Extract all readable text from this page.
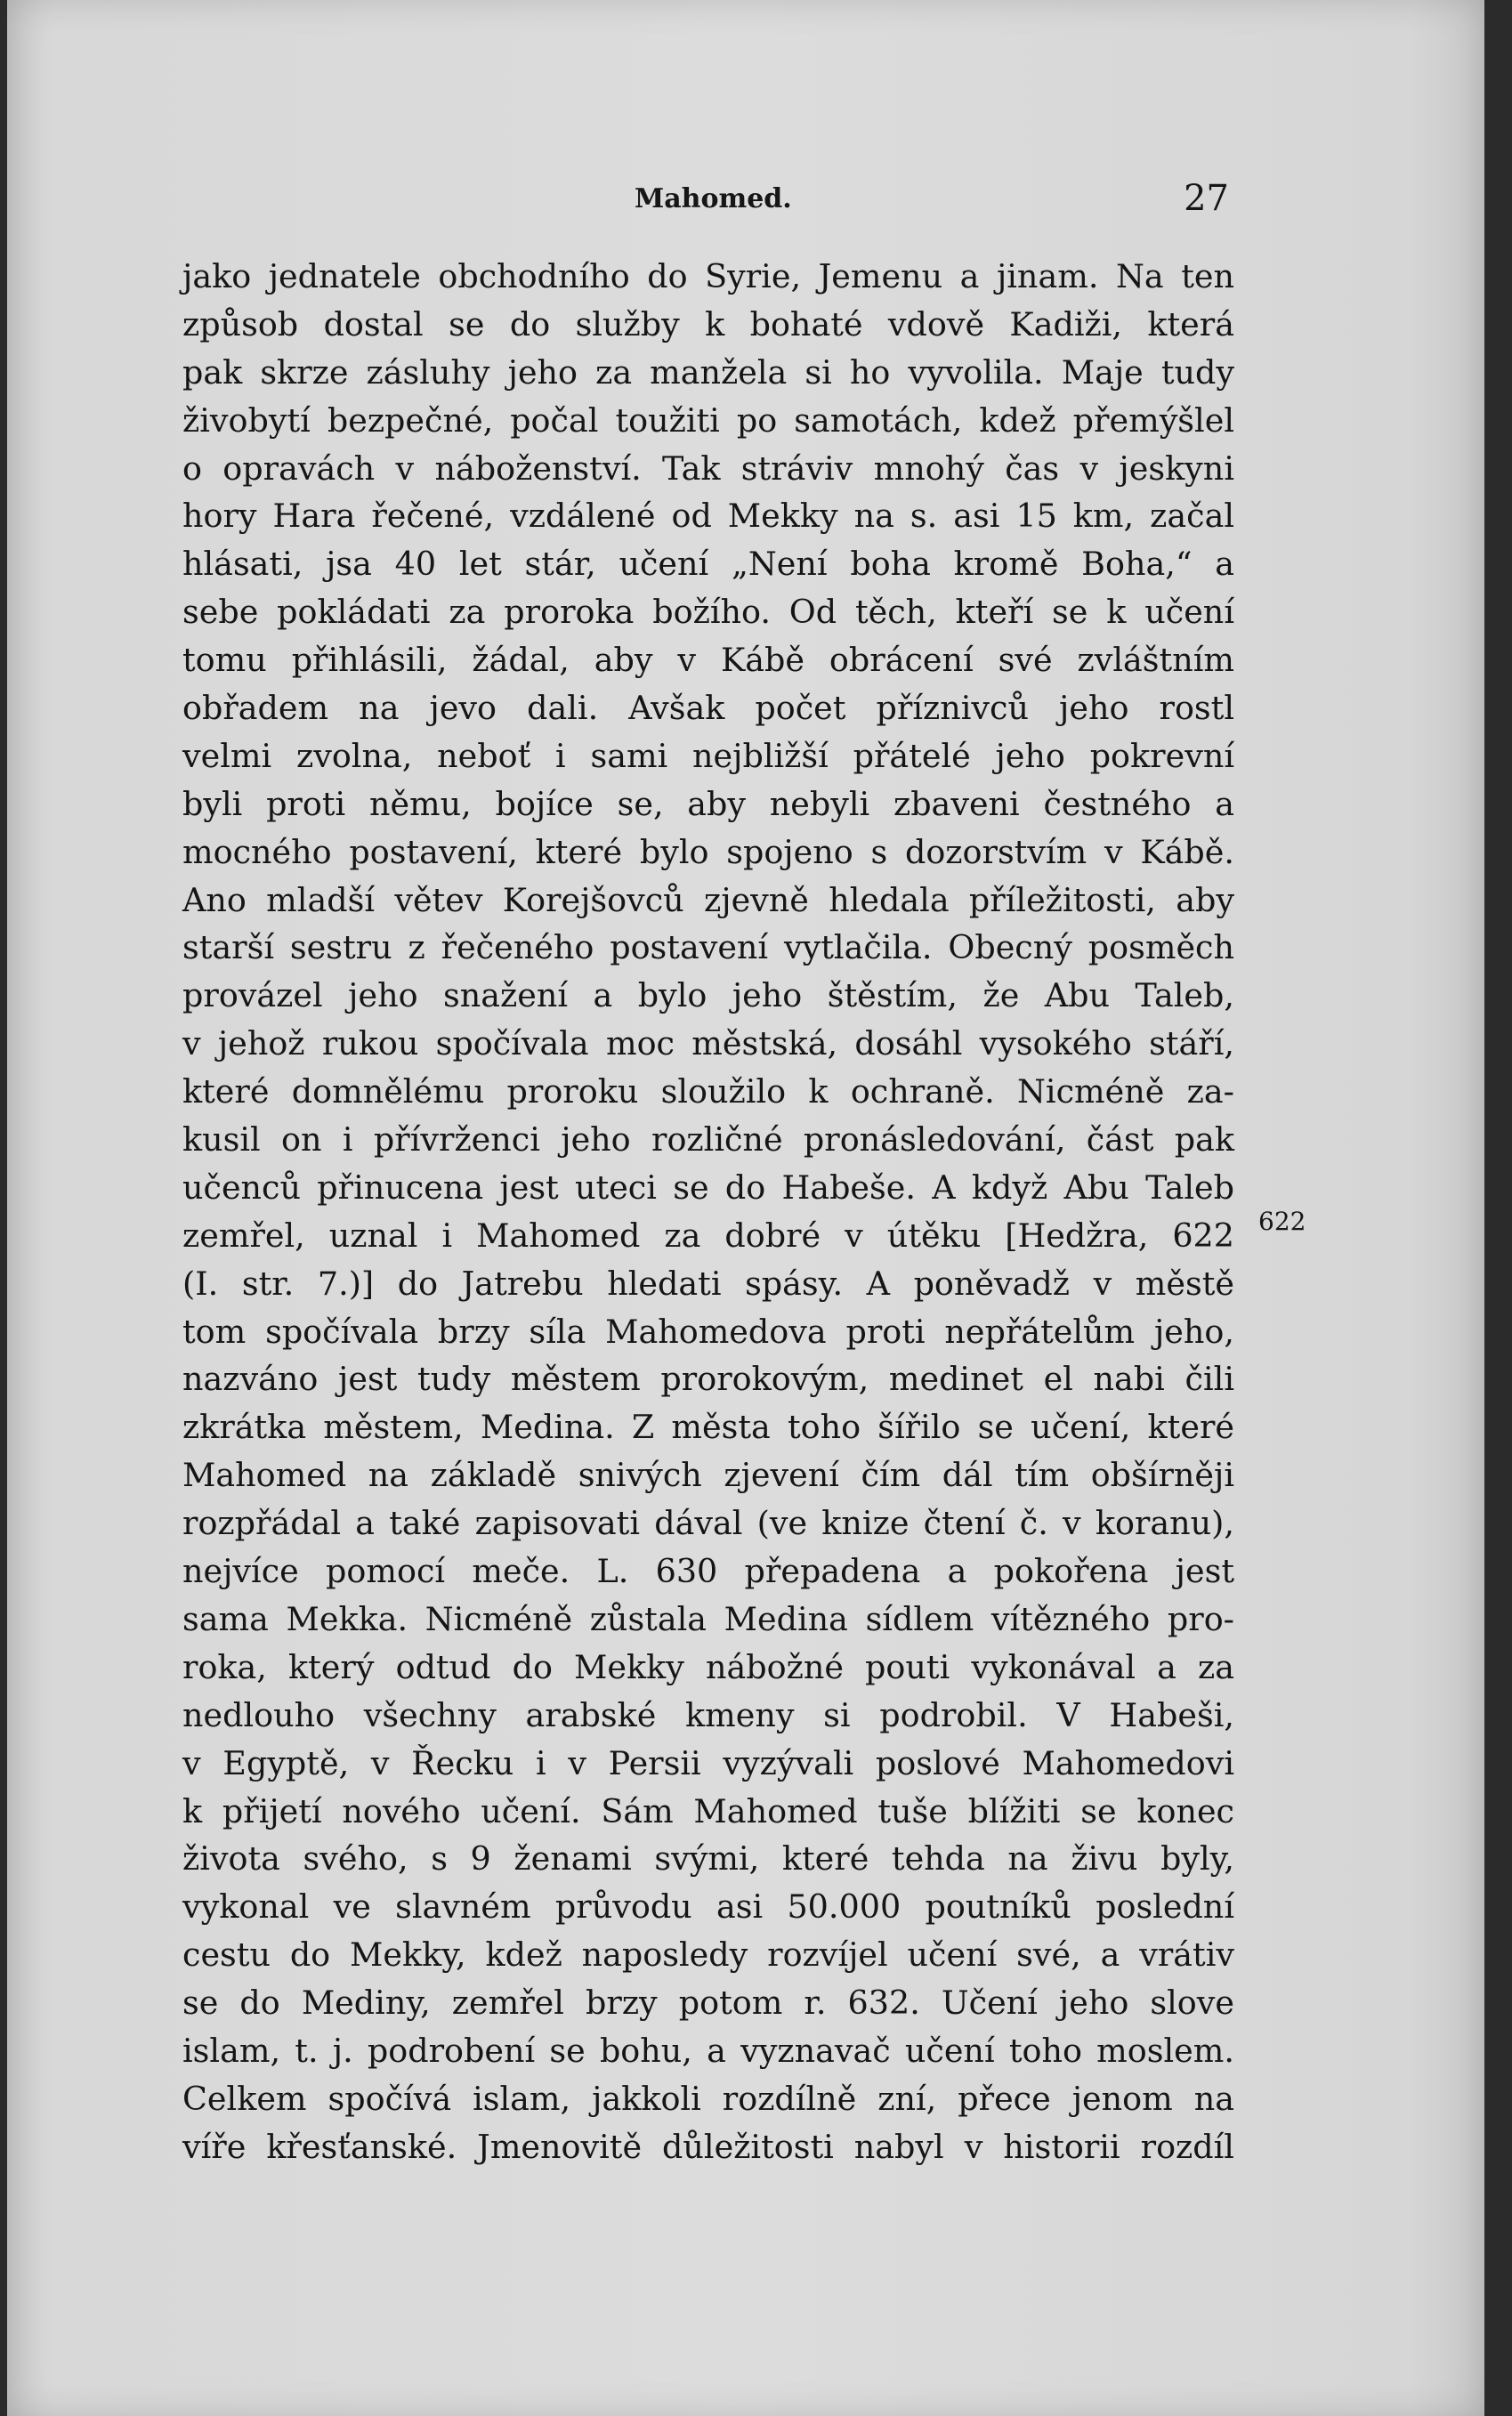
Mahomed.	27
jako jednatele obchodního do Syrie, Jemenu a jinam. Na ten
způsob dostal se do služby k bohaté vdově Kadiži, která
pak skrze zásluhy jeho za manžela si ho vyvolila. Maje tudy
živobytí bezpečné, počal toužiti po samotách, kdež přemýšlel
o opravách v náboženství. Tak stráviv mnohý čas v jeskyni
hory Hara řečené, vzdálené od Mekky na s. asi 15 km, začal
hlásati, jsa 40 let stár, učení „Není boha kromě Boha,“ a
sebe pokládati za proroka božího. Od těch, kteří se k učení
tomu přihlásili, žádal, aby v Kábě obrácení své zvláštním
obřadem na jevo dali. Avšak počet příznivců jeho rostl
velmi zvolna, neboť i sami nejbližší přátelé jeho pokrevní
byli proti němu, bojíce se, aby nebyli zbaveni čestného a
mocného postavení, které bylo spojeno s dozorstvím v Kábě.
Ano mladší větev Korejšovců zjevně hledala příležitosti, aby
starší sestru z řečeného postavení vytlačila. Obecný posměch
provázel jeho snažení a bylo jeho štěstím, že Abu Taleb,
v jehož rukou spočívala moc městská, dosáhl vysokého stáří,
které domnělému proroku sloužilo k ochraně. Nicméně za-
kusil on i přívrženci jeho rozličné pronásledování, část pak
učenců přinucena jest uteci se do Habeše. A když Abu Taleb
zemřel, uznal i Mahomed za dobré v útěku [Hedžra, 622
(I. str. 7.)] do Jatrebu hledati spásy. A poněvadž v městě
tom spočívala brzy síla Mahomedova proti nepřátelům jeho,
nazváno jest tudy městem prorokovým, medinet el nabi čili
zkrátka městem, Medina. Z města toho šířilo se učení, které
Mahomed na základě snivých zjevení čím dál tím obšírněji
rozpřádal a také zapisovati dával (ve knize čtení č. v koranu),
nejvíce pomocí meče. L. 630 přepadena a pokořena jest
sama Mekka. Nicméně zůstala Medina sídlem vítězného pro-
roka, který odtud do Mekky nábožné pouti vykonával a za
nedlouho všechny arabské kmeny si podrobil. V Habeši,
v Egyptě, v Řecku i v Persii vyzývali poslové Mahomedovi
k přijetí nového učení. Sám Mahomed tuše blížiti se konec
života svého, s 9 ženami svými, které tehda na živu byly,
vykonal ve slavném průvodu asi 50.000 poutníků poslední
cestu do Mekky, kdež naposledy rozvíjel učení své, a vrátiv
se do Mediny, zemřel brzy potom r. 632. Učení jeho slove
islam, t. j. podrobení se bohu, a vyznavač učení toho moslem.
Celkem spočívá islam, jakkoli rozdílně zní, přece jenom na
víře křesťanské. Jmenovitě důležitosti nabyl v historii rozdíl
622
